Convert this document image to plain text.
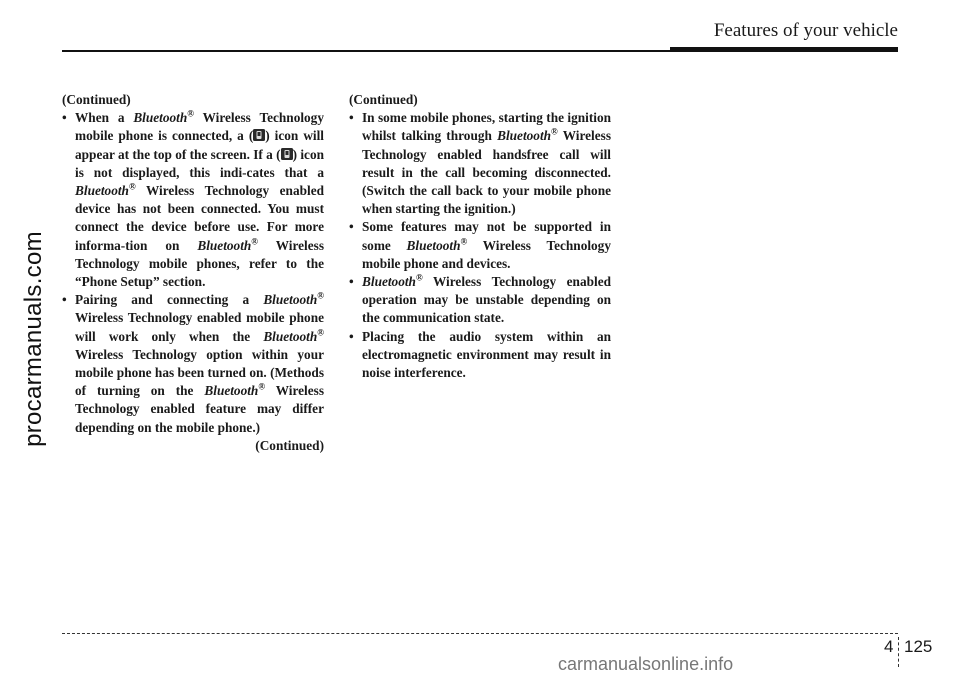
Features of your vehicle
procarmanuals.com

(Continued)

• When a Bluetooth® Wireless Technology mobile phone is connected, a ( ) icon will appear at the top of the screen. If a ( ) icon is not displayed, this indi-cates that a Bluetooth® Wireless Technology enabled device has not been connected. You must connect the device before use. For more informa-tion on Bluetooth® Wireless Technology mobile phones, refer to the “Phone Setup” section.

• Pairing and connecting a Bluetooth® Wireless Technology enabled mobile phone will work only when the Bluetooth® Wireless Technology option within your mobile phone has been turned on. (Methods of turning on the Bluetooth® Wireless Technology enabled feature may differ depending on the mobile phone.)

(Continued)

(Continued)

• In some mobile phones, starting the ignition whilst talking through Bluetooth® Wireless Technology enabled handsfree call will result in the call becoming disconnected. (Switch the call back to your mobile phone when starting the ignition.)

• Some features may not be supported in some Bluetooth® Wireless Technology mobile phone and devices.

• Bluetooth® Wireless Technology enabled operation may be unstable depending on the communication state.

• Placing the audio system within an electromagnetic environment may result in noise interference.

4 125
carmanualsonline.info
